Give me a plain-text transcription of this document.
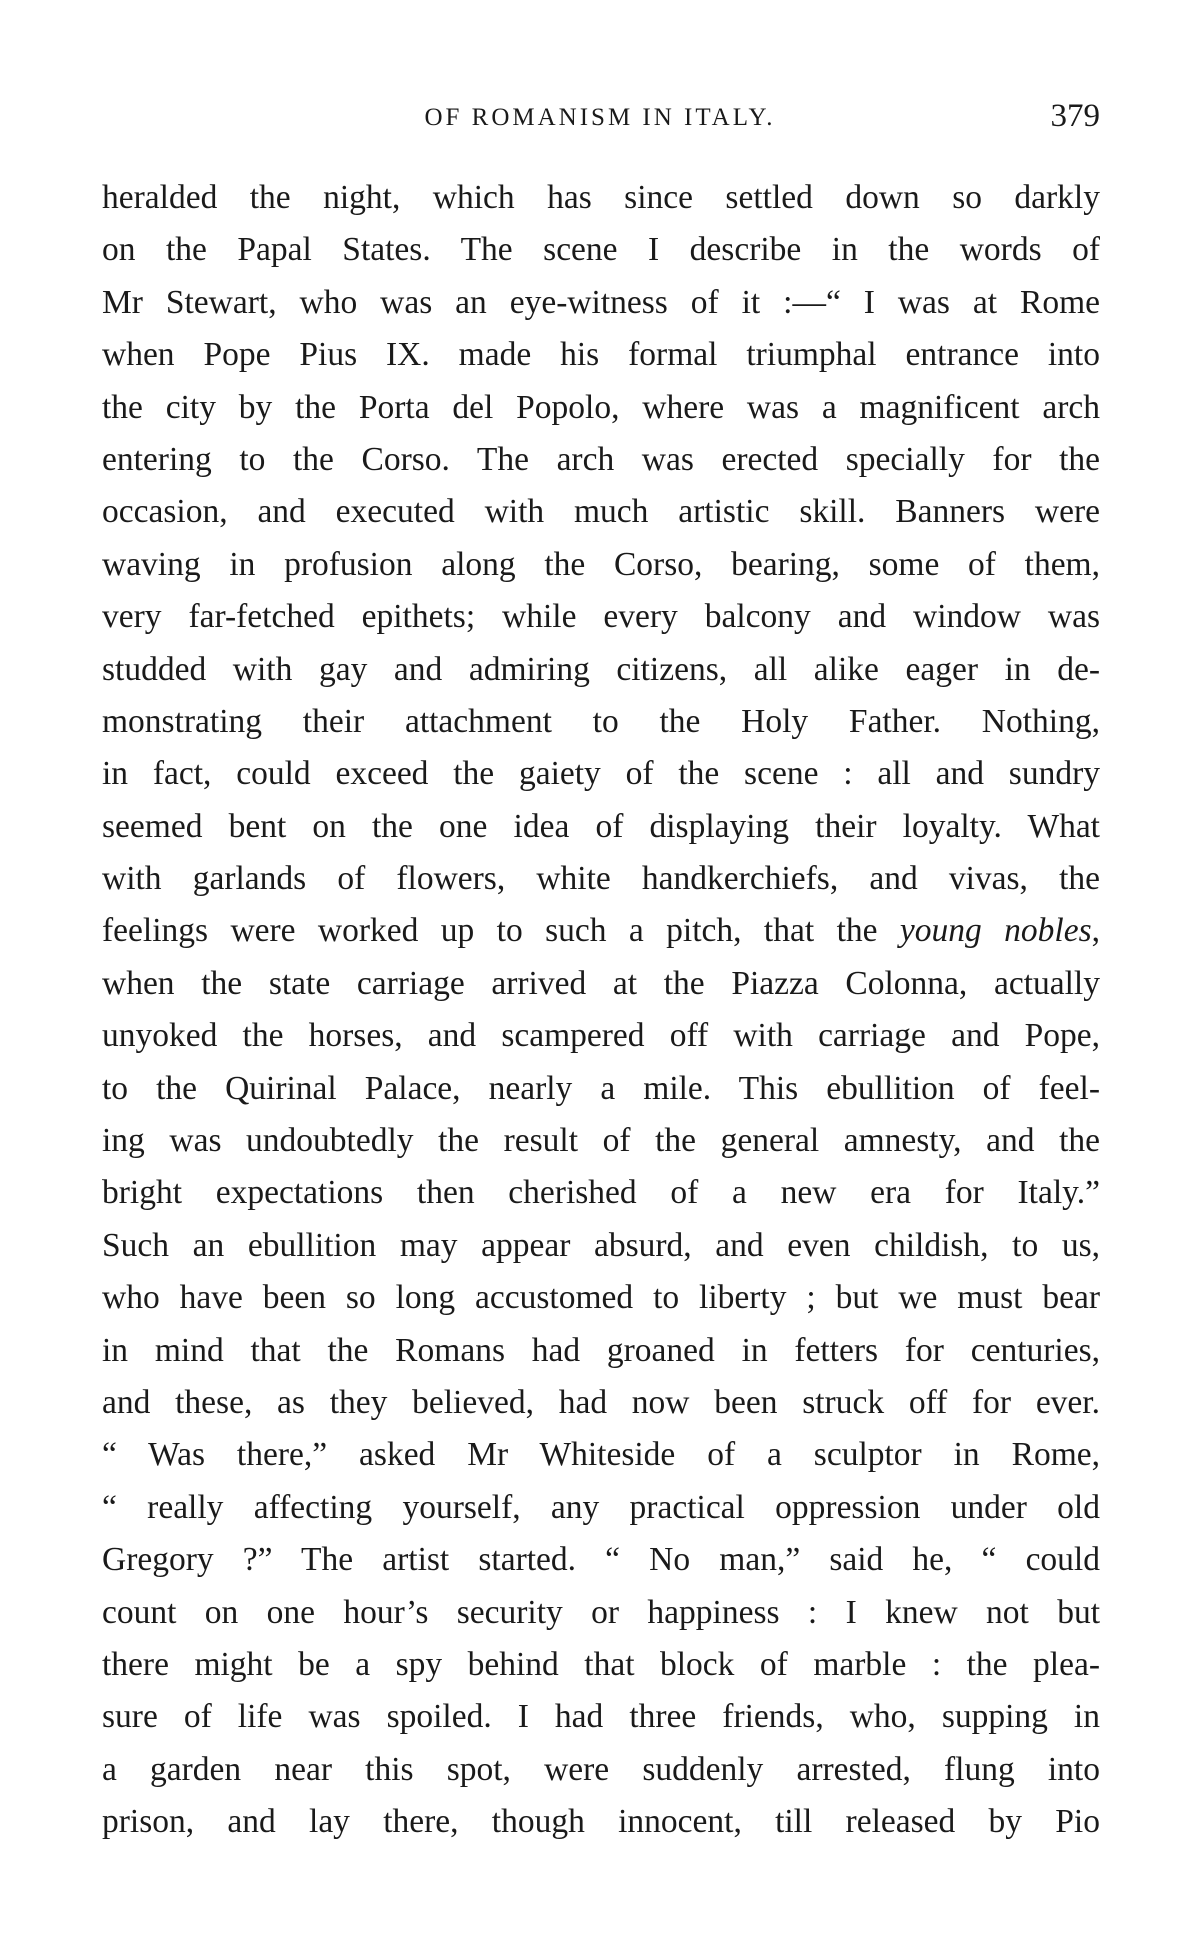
OF ROMANISM IN ITALY.	379
heralded the night, which has since settled down so darkly
on the Papal States. The scene I describe in the words of
Mr Stewart, who was an eye-witness of it :—“ I was at Rome
when Pope Pius IX. made his formal triumphal entrance into
the city by the Porta del Popolo, where was a magnificent arch
entering to the Corso. The arch was erected specially for the
occasion, and executed with much artistic skill. Banners were
waving in profusion along the Corso, bearing, some of them,
very far-fetched epithets; while every balcony and window was
studded with gay and admiring citizens, all alike eager in de-
monstrating their attachment to the Holy Father. Nothing,
in fact, could exceed the gaiety of the scene : all and sundry
seemed bent on the one idea of displaying their loyalty. What
with garlands of flowers, white handkerchiefs, and vivas, the
feelings were worked up to such a pitch, that the young nobles,
when the state carriage arrived at the Piazza Colonna, actually
unyoked the horses, and scampered off with carriage and Pope,
to the Quirinal Palace, nearly a mile. This ebullition of feel-
ing was undoubtedly the result of the general amnesty, and the
bright expectations then cherished of a new era for Italy.”
Such an ebullition may appear absurd, and even childish, to us,
who have been so long accustomed to liberty ; but we must bear
in mind that the Romans had groaned in fetters for centuries,
and these, as they believed, had now been struck off for ever.
“ Was there,” asked Mr Whiteside of a sculptor in Rome,
“ really affecting yourself, any practical oppression under old
Gregory ?” The artist started. “ No man,” said he, “ could
count on one hour’s security or happiness : I knew not but
there might be a spy behind that block of marble : the plea-
sure of life was spoiled. I had three friends, who, supping in
a garden near this spot, were suddenly arrested, flung into
prison, and lay there, though innocent, till released by Pio
